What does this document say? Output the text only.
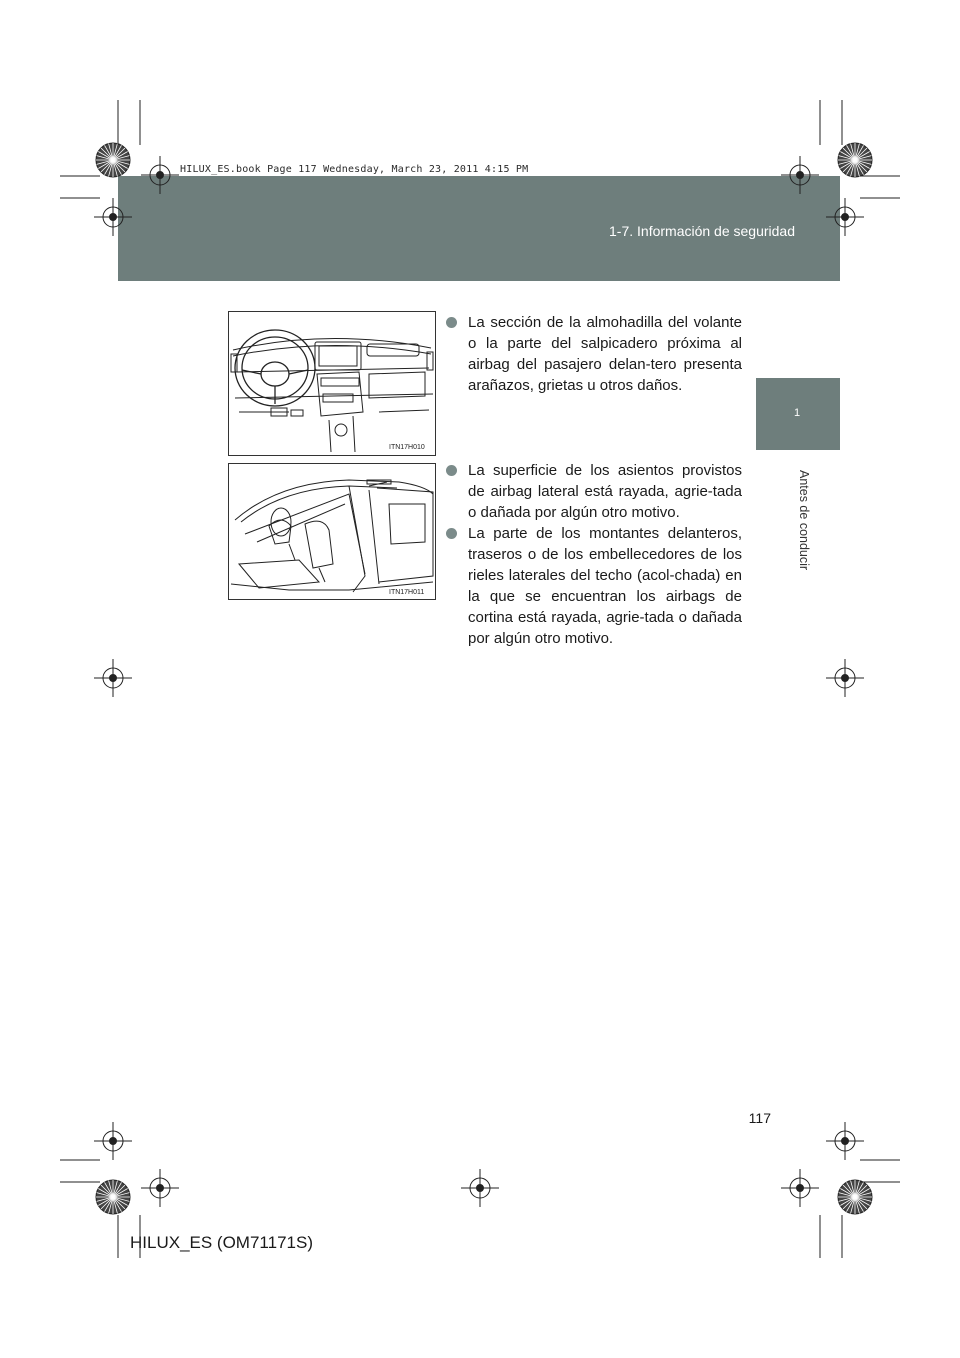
1-7. Información de seguridad
HILUX_ES.book Page 117 Wednesday, March 23, 2011 4:15 PM
1
Antes de conducir
ITN17H010
ITN17H011
La sección de la almohadilla del volante o la parte del salpicadero próxima al airbag del pasajero delan-tero presenta arañazos, grietas u otros daños.
La superficie de los asientos provistos de airbag lateral está rayada, agrie-tada o dañada por algún otro motivo.
La parte de los montantes delanteros, traseros o de los embellecedores de los rieles laterales del techo (acol-chada) en la que se encuentran los airbags de cortina está rayada, agrie-tada o dañada por algún otro motivo.
117
HILUX_ES (OM71171S)
